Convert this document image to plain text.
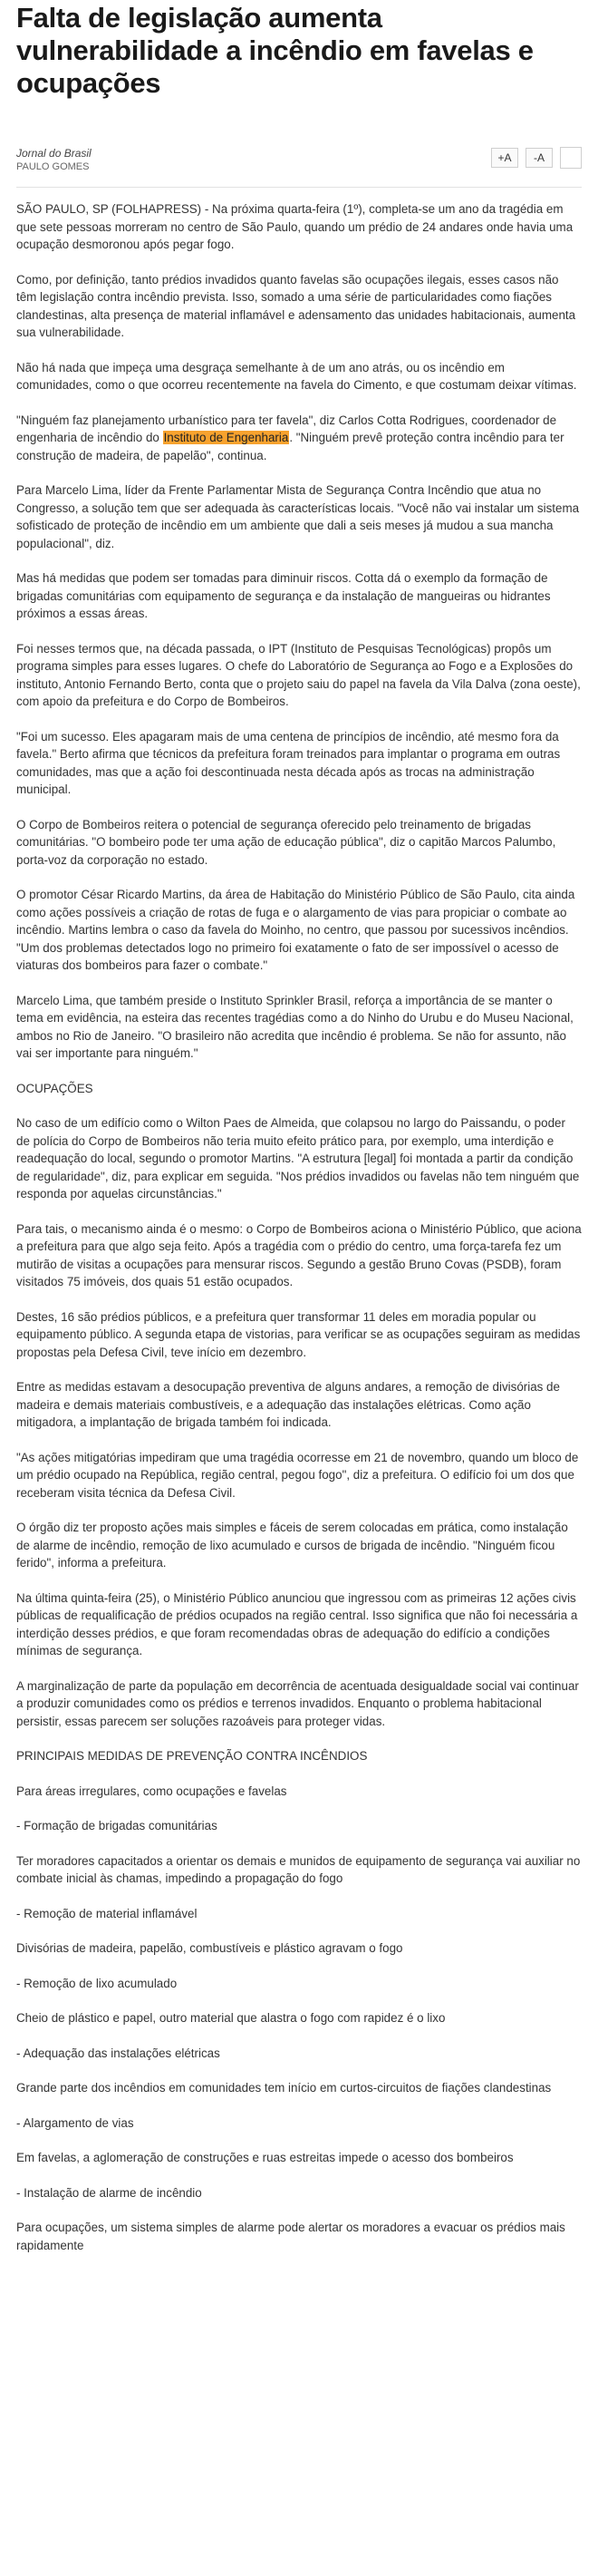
Falta de legislação aumenta vulnerabilidade a incêndio em favelas e ocupações
Jornal do Brasil
PAULO GOMES
+A	-A

SÃO PAULO, SP (FOLHAPRESS) - Na próxima quarta-feira (1º), completa-se um ano da tragédia em que sete pessoas morreram no centro de São Paulo, quando um prédio de 24 andares onde havia uma ocupação desmoronou após pegar fogo.

Como, por definição, tanto prédios invadidos quanto favelas são ocupações ilegais, esses casos não têm legislação contra incêndio prevista. Isso, somado a uma série de particularidades como fiações clandestinas, alta presença de material inflamável e adensamento das unidades habitacionais, aumenta sua vulnerabilidade.

Não há nada que impeça uma desgraça semelhante à de um ano atrás, ou os incêndio em comunidades, como o que ocorreu recentemente na favela do Cimento, e que costumam deixar vítimas.

"Ninguém faz planejamento urbanístico para ter favela", diz Carlos Cotta Rodrigues, coordenador de engenharia de incêndio do Instituto de Engenharia. "Ninguém prevê proteção contra incêndio para ter construção de madeira, de papelão", continua.

Para Marcelo Lima, líder da Frente Parlamentar Mista de Segurança Contra Incêndio que atua no Congresso, a solução tem que ser adequada às características locais. "Você não vai instalar um sistema sofisticado de proteção de incêndio em um ambiente que dali a seis meses já mudou a sua mancha populacional", diz.

Mas há medidas que podem ser tomadas para diminuir riscos. Cotta dá o exemplo da formação de brigadas comunitárias com equipamento de segurança e da instalação de mangueiras ou hidrantes próximos a essas áreas.

Foi nesses termos que, na década passada, o IPT (Instituto de Pesquisas Tecnológicas) propôs um programa simples para esses lugares. O chefe do Laboratório de Segurança ao Fogo e a Explosões do instituto, Antonio Fernando Berto, conta que o projeto saiu do papel na favela da Vila Dalva (zona oeste), com apoio da prefeitura e do Corpo de Bombeiros.

"Foi um sucesso. Eles apagaram mais de uma centena de princípios de incêndio, até mesmo fora da favela." Berto afirma que técnicos da prefeitura foram treinados para implantar o programa em outras comunidades, mas que a ação foi descontinuada nesta década após as trocas na administração municipal.

O Corpo de Bombeiros reitera o potencial de segurança oferecido pelo treinamento de brigadas comunitárias. "O bombeiro pode ter uma ação de educação pública", diz o capitão Marcos Palumbo, porta-voz da corporação no estado.

O promotor César Ricardo Martins, da área de Habitação do Ministério Público de São Paulo, cita ainda como ações possíveis a criação de rotas de fuga e o alargamento de vias para propiciar o combate ao incêndio. Martins lembra o caso da favela do Moinho, no centro, que passou por sucessivos incêndios. "Um dos problemas detectados logo no primeiro foi exatamente o fato de ser impossível o acesso de viaturas dos bombeiros para fazer o combate."

Marcelo Lima, que também preside o Instituto Sprinkler Brasil, reforça a importância de se manter o tema em evidência, na esteira das recentes tragédias como a do Ninho do Urubu e do Museu Nacional, ambos no Rio de Janeiro. "O brasileiro não acredita que incêndio é problema. Se não for assunto, não vai ser importante para ninguém."

OCUPAÇÕES

No caso de um edifício como o Wilton Paes de Almeida, que colapsou no largo do Paissandu, o poder de polícia do Corpo de Bombeiros não teria muito efeito prático para, por exemplo, uma interdição e readequação do local, segundo o promotor Martins. "A estrutura [legal] foi montada a partir da condição de regularidade", diz, para explicar em seguida. "Nos prédios invadidos ou favelas não tem ninguém que responda por aquelas circunstâncias."

Para tais, o mecanismo ainda é o mesmo: o Corpo de Bombeiros aciona o Ministério Público, que aciona a prefeitura para que algo seja feito. Após a tragédia com o prédio do centro, uma força-tarefa fez um mutirão de visitas a ocupações para mensurar riscos. Segundo a gestão Bruno Covas (PSDB), foram visitados 75 imóveis, dos quais 51 estão ocupados.

Destes, 16 são prédios públicos, e a prefeitura quer transformar 11 deles em moradia popular ou equipamento público. A segunda etapa de vistorias, para verificar se as ocupações seguiram as medidas propostas pela Defesa Civil, teve início em dezembro.

Entre as medidas estavam a desocupação preventiva de alguns andares, a remoção de divisórias de madeira e demais materiais combustíveis, e a adequação das instalações elétricas. Como ação mitigadora, a implantação de brigada também foi indicada.

"As ações mitigatórias impediram que uma tragédia ocorresse em 21 de novembro, quando um bloco de um prédio ocupado na República, região central, pegou fogo", diz a prefeitura. O edifício foi um dos que receberam visita técnica da Defesa Civil.

O órgão diz ter proposto ações mais simples e fáceis de serem colocadas em prática, como instalação de alarme de incêndio, remoção de lixo acumulado e cursos de brigada de incêndio. "Ninguém ficou ferido", informa a prefeitura.

Na última quinta-feira (25), o Ministério Público anunciou que ingressou com as primeiras 12 ações civis públicas de requalificação de prédios ocupados na região central. Isso significa que não foi necessária a interdição desses prédios, e que foram recomendadas obras de adequação do edifício a condições mínimas de segurança.

A marginalização de parte da população em decorrência de acentuada desigualdade social vai continuar a produzir comunidades como os prédios e terrenos invadidos. Enquanto o problema habitacional persistir, essas parecem ser soluções razoáveis para proteger vidas.

PRINCIPAIS MEDIDAS DE PREVENÇÃO CONTRA INCÊNDIOS

Para áreas irregulares, como ocupações e favelas

- Formação de brigadas comunitárias

Ter moradores capacitados a orientar os demais e munidos de equipamento de segurança vai auxiliar no combate inicial às chamas, impedindo a propagação do fogo

- Remoção de material inflamável

Divisórias de madeira, papelão, combustíveis e plástico agravam o fogo

- Remoção de lixo acumulado

Cheio de plástico e papel, outro material que alastra o fogo com rapidez é o lixo

- Adequação das instalações elétricas

Grande parte dos incêndios em comunidades tem início em curtos-circuitos de fiações clandestinas

- Alargamento de vias

Em favelas, a aglomeração de construções e ruas estreitas impede o acesso dos bombeiros

- Instalação de alarme de incêndio

Para ocupações, um sistema simples de alarme pode alertar os moradores a evacuar os prédios mais rapidamente
